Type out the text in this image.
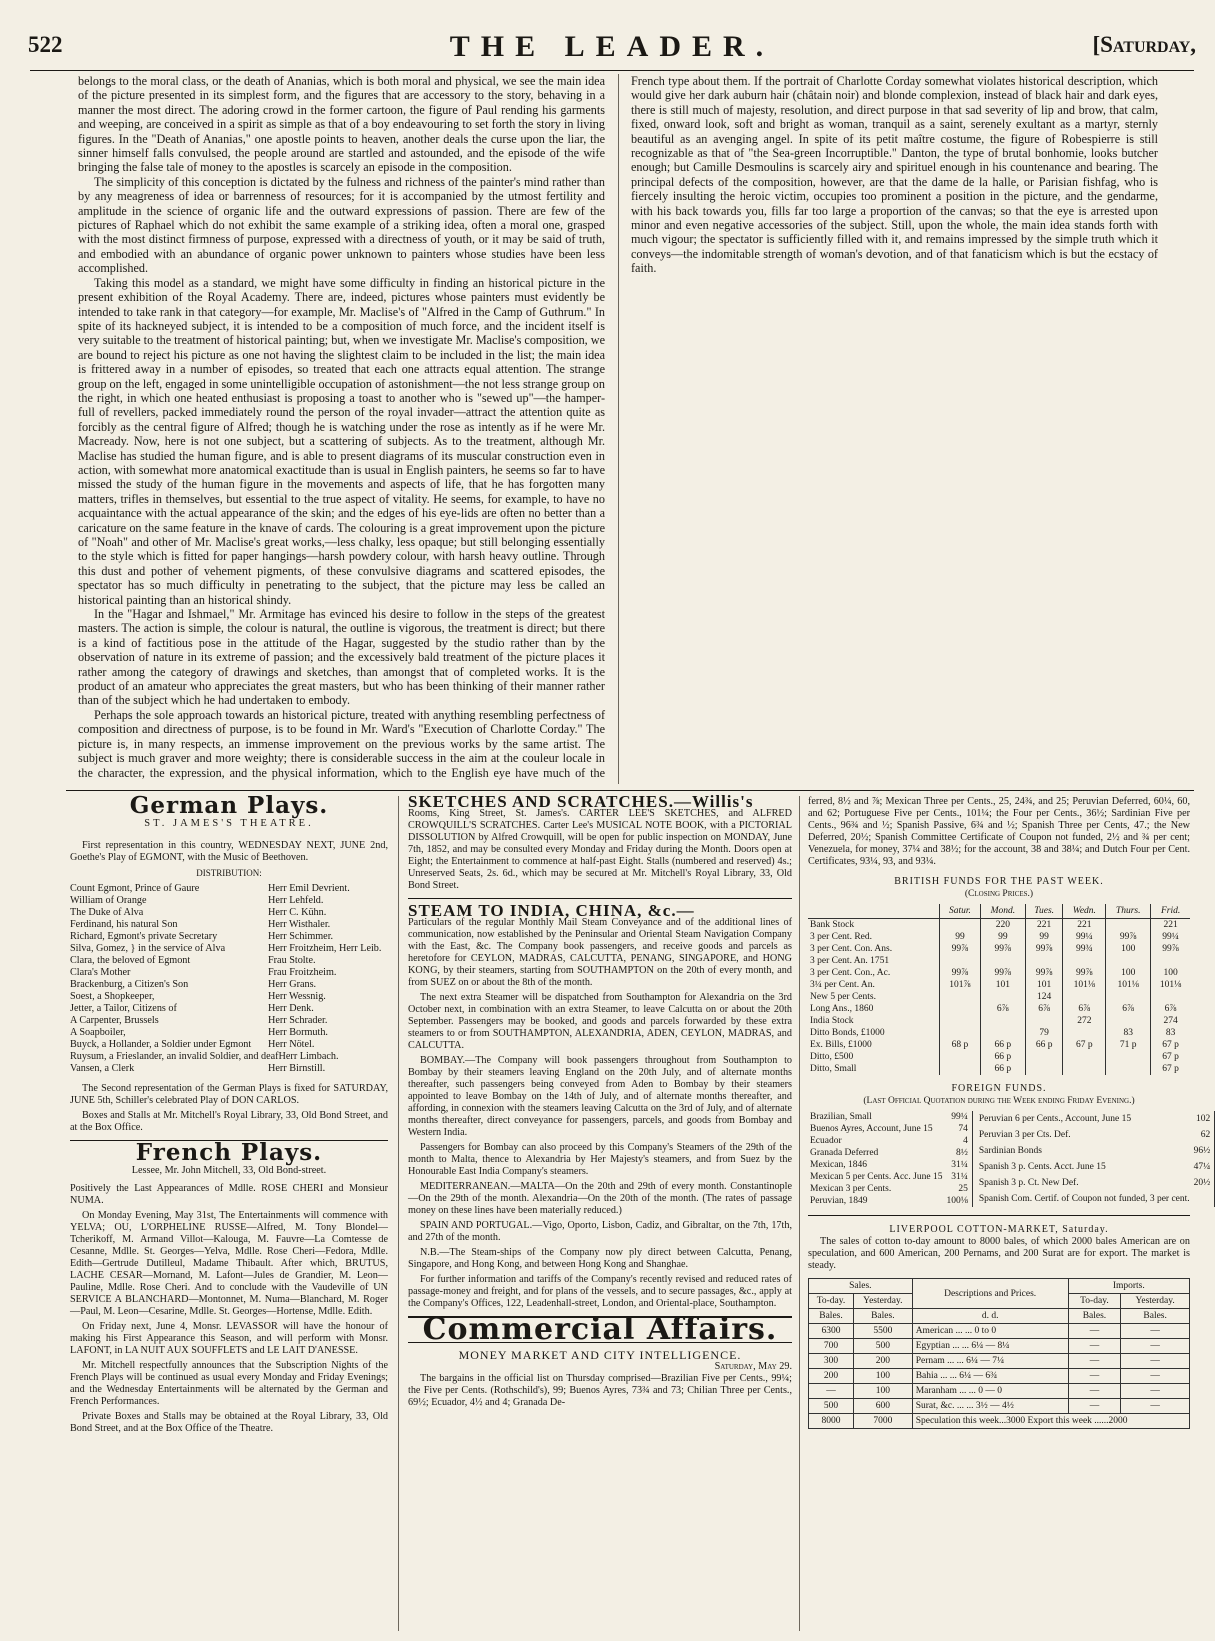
522	THE LEADER.	[Saturday,

belongs to the moral class, or the death of Ananias, which is both moral and physical, we see the main idea of the picture presented in its simplest form, and the figures that are accessory to the story, behaving in a manner the most direct. The adoring crowd in the former cartoon, the figure of Paul rending his garments and weeping, are conceived in a spirit as simple as that of a boy endeavouring to set forth the story in living figures. In the "Death of Ananias," one apostle points to heaven, another deals the curse upon the liar, the sinner himself falls convulsed, the people around are startled and astounded, and the episode of the wife bringing the false tale of money to the apostles is scarcely an episode in the composition.

The simplicity of this conception is dictated by the fulness and richness of the painter's mind rather than by any meagreness of idea or barrenness of resources; for it is accompanied by the utmost fertility and amplitude in the science of organic life and the outward expressions of passion. There are few of the pictures of Raphael which do not exhibit the same example of a striking idea, often a moral one, grasped with the most distinct firmness of purpose, expressed with a directness of youth, or it may be said of truth, and embodied with an abundance of organic power unknown to painters whose studies have been less accomplished.

Taking this model as a standard, we might have some difficulty in finding an historical picture in the present exhibition of the Royal Academy. There are, indeed, pictures whose painters must evidently be intended to take rank in that category—for example, Mr. Maclise's of "Alfred in the Camp of Guthrum." In spite of its hackneyed subject, it is intended to be a composition of much force, and the incident itself is very suitable to the treatment of historical painting; but, when we investigate Mr. Maclise's composition, we are bound to reject his picture as one not having the slightest claim to be included in the list; the main idea is frittered away in a number of episodes, so treated that each one attracts equal attention. The strange group on the left, engaged in some unintelligible occupation of astonishment—the not less strange group on the right, in which one heated enthusiast is proposing a toast to another who is "sewed up"—the hamper-full of revellers, packed immediately round the person of the royal invader—attract the attention quite as forcibly as the central figure of Alfred; though he is watching under the rose as intently as if he were Mr. Macready. Now, here is not one subject, but a scattering of subjects. As to the treatment, although Mr. Maclise has studied the human figure, and is able to present diagrams of its muscular construction even in action, with somewhat more anatomical exactitude than is usual in English painters, he seems so far to have missed the study of the human figure in the movements and aspects of life, that he has forgotten many matters, trifles in themselves, but essential to the true aspect of vitality. He seems, for example, to have no acquaintance with the actual appearance of the skin; and the edges of his eye-lids are often no better than a caricature on the same feature in the knave of cards. The colouring is a great improvement upon the picture of "Noah" and other of Mr. Maclise's great works,—less chalky, less opaque; but still belonging essentially to the style which is fitted for paper hangings—harsh powdery colour, with harsh heavy outline. Through this dust and pother of vehement pigments, of these convulsive diagrams and scattered episodes, the spectator has so much difficulty in penetrating to the subject, that the picture may less be called an historical painting than an historical shindy.

In the "Hagar and Ishmael," Mr. Armitage has evinced his desire to follow in the steps of the greatest masters. The action is simple, the colour is natural, the outline is vigorous, the treatment is direct; but there is a kind of factitious pose in the attitude of the Hagar, suggested by the studio rather than by the observation of nature in its extreme of passion; and the excessively bald treatment of the picture places it rather among the category of drawings and sketches, than amongst that of completed works. It is the product of an amateur who appreciates the great masters, but who has been thinking of their manner rather than of the subject which he had undertaken to embody.

Perhaps the sole approach towards an historical picture, treated with anything resembling perfectness of composition and directness of purpose, is to be found in Mr. Ward's "Execution of Charlotte Corday." The picture is, in many respects, an immense improvement on the previous works by the same artist. The subject is much graver and more weighty; there is considerable success in the aim at the couleur locale in the character, the expression, and the physical information, which to the English eye have much of the French type about them. If the portrait of Charlotte Corday somewhat violates historical description, which would give her dark auburn hair (châtain noir) and blonde complexion, instead of black hair and dark eyes, there is still much of majesty, resolution, and direct purpose in that sad severity of lip and brow, that calm, fixed, onward look, soft and bright as woman, tranquil as a saint, serenely exultant as a martyr, sternly beautiful as an avenging angel. In spite of its petit maître costume, the figure of Robespierre is still recognizable as that of "the Sea-green Incorruptible." Danton, the type of brutal bonhomie, looks butcher enough; but Camille Desmoulins is scarcely airy and spirituel enough in his countenance and bearing. The principal defects of the composition, however, are that the dame de la halle, or Parisian fishfag, who is fiercely insulting the heroic victim, occupies too prominent a position in the picture, and the gendarme, with his back towards you, fills far too large a proportion of the canvas; so that the eye is arrested upon minor and even negative accessories of the subject. Still, upon the whole, the main idea stands forth with much vigour; the spectator is sufficiently filled with it, and remains impressed by the simple truth which it conveys—the indomitable strength of woman's devotion, and of that fanaticism which is but the ecstacy of faith.

German Plays.
ST. JAMES'S THEATRE.

First representation in this country, WEDNESDAY NEXT, JUNE 2nd, Goethe's Play of EGMONT, with the Music of Beethoven.

DISTRIBUTION:
Count Egmont, Prince of Gaure	Herr Emil Devrient.
William of Orange	Herr Lehfeld.
The Duke of Alva	Herr C. Kühn.
Ferdinand, his natural Son	Herr Wisthaler.
Richard, Egmont's private Secretary	Herr Schimmer.
Silva, Gomez, } in the service of Alva	Herr Froitzheim, Herr Leib.
Clara, the beloved of Egmont	Frau Stolte.
Clara's Mother	Frau Froitzheim.
Brackenburg, a Citizen's Son	Herr Grans.
Soest, a Shopkeeper,	Herr Wessnig.
Jetter, a Tailor, Citizens of	Herr Denk.
A Carpenter, Brussels	Herr Schrader.
A Soapboiler,	Herr Bormuth.
Buyck, a Hollander, a Soldier under Egmont Herr Nötel.
Ruysum, a Frieslander, an invalid Soldier, and deaf Herr Limbach.
Vansen, a Clerk	Herr Birnstill.

The Second representation of the German Plays is fixed for SATURDAY, JUNE 5th, Schiller's celebrated Play of DON CARLOS.

Boxes and Stalls at Mr. Mitchell's Royal Library, 33, Old Bond Street, and at the Box Office.

French Plays.
Lessee, Mr. John Mitchell, 33, Old Bond-street.

Positively the Last Appearances of Mdlle. ROSE CHERI and Monsieur NUMA.

On Monday Evening, May 31st, The Entertainments will commence with YELVA; OU, L'ORPHELINE RUSSE—Alfred, M. Tony Blondel—Tcherikoff, M. Armand Villot—Kalouga, M. Fauvre—La Comtesse de Cesanne, Mdlle. St. Georges—Yelva, Mdlle. Rose Cheri—Fedora, Mdlle. Edith—Gertrude Dutilleul, Madame Thibault. After which, BRUTUS, LACHE CESAR—Mornand, M. Lafont—Jules de Grandier, M. Leon—Pauline, Mdlle. Rose Cheri. And to conclude with the Vaudeville of UN SERVICE A BLANCHARD—Montonnet, M. Numa—Blanchard, M. Roger—Paul, M. Leon—Cesarine, Mdlle. St. Georges—Hortense, Mdlle. Edith.

On Friday next, June 4, Monsr. LEVASSOR will have the honour of making his First Appearance this Season, and will perform with Monsr. LAFONT, in LA NUIT AUX SOUFFLETS and LE LAIT D'ANESSE.

Mr. Mitchell respectfully announces that the Subscription Nights of the French Plays will be continued as usual every Monday and Friday Evenings; and the Wednesday Entertainments will be alternated by the German and French Performances.

Private Boxes and Stalls may be obtained at the Royal Library, 33, Old Bond Street, and at the Box Office of the Theatre.

SKETCHES AND SCRATCHES.—Willis's

Rooms, King Street, St. James's. CARTER LEE'S SKETCHES, and ALFRED CROWQUILL'S SCRATCHES. Carter Lee's MUSICAL NOTE BOOK, with a PICTORIAL DISSOLUTION by Alfred Crowquill, will be open for public inspection on MONDAY, June 7th, 1852, and may be consulted every Monday and Friday during the Month. Doors open at Eight; the Entertainment to commence at half-past Eight. Stalls (numbered and reserved) 4s.; Unreserved Seats, 2s. 6d., which may be secured at Mr. Mitchell's Royal Library, 33, Old Bond Street.

STEAM TO INDIA, CHINA, &c.—

Particulars of the regular Monthly Mail Steam Conveyance and of the additional lines of communication, now established by the Peninsular and Oriental Steam Navigation Company with the East, &c. The Company book passengers, and receive goods and parcels as heretofore for CEYLON, MADRAS, CALCUTTA, PENANG, SINGAPORE, and HONG KONG, by their steamers, starting from SOUTHAMPTON on the 20th of every month, and from SUEZ on or about the 8th of the month.

The next extra Steamer will be dispatched from Southampton for Alexandria on the 3rd October next, in combination with an extra Steamer, to leave Calcutta on or about the 20th September. Passengers may be booked, and goods and parcels forwarded by these extra steamers to or from SOUTHAMPTON, ALEXANDRIA, ADEN, CEYLON, MADRAS, and CALCUTTA.

BOMBAY.—The Company will book passengers throughout from Southampton to Bombay by their steamers leaving England on the 20th July, and of alternate months thereafter, such passengers being conveyed from Aden to Bombay by their steamers appointed to leave Bombay on the 14th of July, and of alternate months thereafter, and affording, in connexion with the steamers leaving Calcutta on the 3rd of July, and of alternate months thereafter, direct conveyance for passengers, parcels, and goods from Bombay and Western India.

Passengers for Bombay can also proceed by this Company's Steamers of the 29th of the month to Malta, thence to Alexandria by Her Majesty's steamers, and from Suez by the Honourable East India Company's steamers.

MEDITERRANEAN.—MALTA—On the 20th and 29th of every month. Constantinople—On the 29th of the month. Alexandria—On the 20th of the month. (The rates of passage money on these lines have been materially reduced.)

SPAIN AND PORTUGAL.—Vigo, Oporto, Lisbon, Cadiz, and Gibraltar, on the 7th, 17th, and 27th of the month.

N.B.—The Steam-ships of the Company now ply direct between Calcutta, Penang, Singapore, and Hong Kong, and between Hong Kong and Shanghae.

For further information and tariffs of the Company's recently revised and reduced rates of passage-money and freight, and for plans of the vessels, and to secure passages, &c., apply at the Company's Offices, 122, Leadenhall-street, London, and Oriental-place, Southampton.

Commercial Affairs.
MONEY MARKET AND CITY INTELLIGENCE.
Saturday, May 29.

The bargains in the official list on Thursday comprised—Brazilian Five per Cents., 99¼; the Five per Cents. (Rothschild's), 99; Buenos Ayres, 73¾ and 73; Chilian Three per Cents., 69½; Ecuador, 4½ and 4; Granada De-

ferred, 8½ and ⅞; Mexican Three per Cents., 25, 24¾, and 25; Peruvian Deferred, 60¼, 60, and 62; Portuguese Five per Cents., 101¼; the Four per Cents., 36½; Sardinian Five per Cents., 96¾ and ½; Spanish Passive, 6¾ and ½; Spanish Three per Cents, 47.; the New Deferred, 20½; Spanish Committee Certificate of Coupon not funded, 2½ and ¾ per cent; Venezuela, for money, 37¼ and 38½; for the account, 38 and 38¼; and Dutch Four per Cent. Certificates, 93¼, 93, and 93¼.

BRITISH FUNDS FOR THE PAST WEEK.
(Closing Prices.)
	Satur.	Mond.	Tues.	Wedn.	Thurs.	Frid.
Bank Stock		220	221	221		221
3 per Cent. Red.	99	99	99	99¼	99⅞	99¼
3 per Cent. Con. Ans.	99⅞	99⅞	99⅞	99¾	100	99⅞
3 per Cent. An. 1751						
3 per Cent. Con., Ac.	99⅞	99⅞	99⅞	99⅞	100	100
3¼ per Cent. An.	101⅞	101	101	101⅛	101⅛	101⅛
New 5 per Cents.			124			
Long Ans., 1860		6⅞	6⅞	6⅞	6⅞	6⅞
India Stock				272		274
Ditto Bonds, £1000			79		83	83
Ex. Bills, £1000	68 p	66 p	66 p	67 p	71 p	67 p
Ditto, £500		66 p				67 p
Ditto, Small		66 p				67 p
FOREIGN FUNDS.
(Last Official Quotation during the Week ending Friday Evening.)
Brazilian, Small	99¼
Buenos Ayres, Account, June 15	74
Ecuador	4
Granada Deferred	8½
Mexican, 1846	31¼
Mexican 5 per Cents. Acc. June 15	31¼
Mexican 3 per Cents.	25
Peruvian, 1849	100⅛
Peruvian 6 per Cents., Account, June 15	102
Peruvian 3 per Cts. Def.	62
Sardinian Bonds	96½
Spanish 3 p. Cents. Acct. June 15	47¼
Spanish 3 p. Ct. New Def.	20½
Spanish Com. Certif. of Coupon not funded, 3 per cent.	
LIVERPOOL COTTON-MARKET, Saturday.

The sales of cotton to-day amount to 8000 bales, of which 2000 bales American are on speculation, and 600 American, 200 Pernams, and 200 Surat are for export. The market is steady.

Sales.		Descriptions and Prices.	Imports.	
To-day.	Yesterday.		To-day.	Yesterday.
Bales.	Bales.	d. d.	Bales.	Bales.
6300	5500	American ... ... 0 to 0	—	—
700	500	Egyptian ... ... 6¼ — 8¼	—	—
300	200	Pernam ... ... 6¼ — 7¼	—	—
200	100	Bahia ... ... 6¼ — 6¾	—	—
—	100	Maranham ... ... 0 — 0	—	—
500	600	Surat, &c. ... ... 3½ — 4½	—	—
8000	7000	Speculation this week...3000 Export this week ......2000		
